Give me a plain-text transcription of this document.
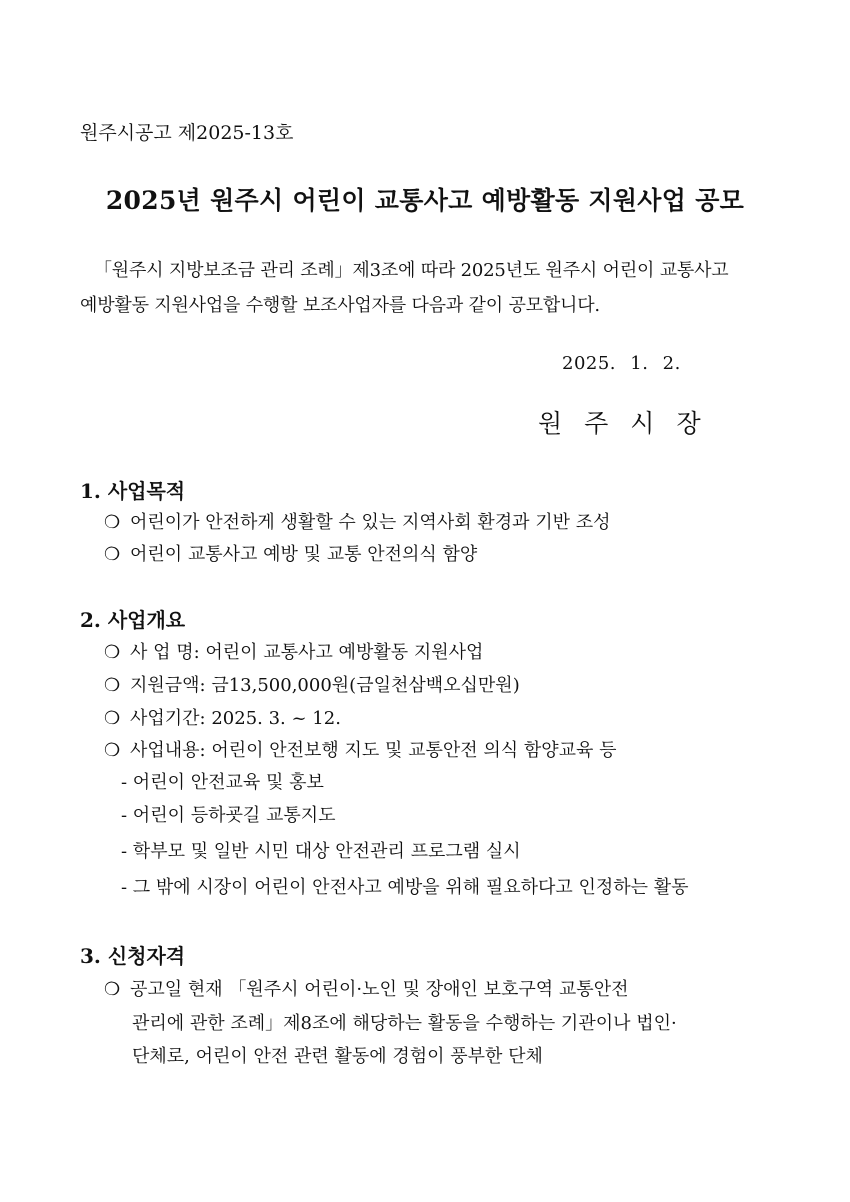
원주시공고 제2025-13호
2025년 원주시 어린이 교통사고 예방활동 지원사업 공모
「원주시 지방보조금 관리 조례」제3조에 따라 2025년도 원주시 어린이 교통사고
예방활동 지원사업을 수행할 보조사업자를 다음과 같이 공모합니다.
2025. 1. 2.
원주시장
1. 사업목적
❍ 어린이가 안전하게 생활할 수 있는 지역사회 환경과 기반 조성
❍ 어린이 교통사고 예방 및 교통 안전의식 함양
2. 사업개요
❍ 사 업 명: 어린이 교통사고 예방활동 지원사업
❍ 지원금액: 금13,500,000원(금일천삼백오십만원)
❍ 사업기간: 2025. 3. ~ 12.
❍ 사업내용: 어린이 안전보행 지도 및 교통안전 의식 함양교육 등
- 어린이 안전교육 및 홍보
- 어린이 등하굣길 교통지도
- 학부모 및 일반 시민 대상 안전관리 프로그램 실시
- 그 밖에 시장이 어린이 안전사고 예방을 위해 필요하다고 인정하는 활동
3. 신청자격
❍ 공고일 현재 「원주시 어린이·노인 및 장애인 보호구역 교통안전
관리에 관한 조례」제8조에 해당하는 활동을 수행하는 기관이나 법인·
단체로, 어린이 안전 관련 활동에 경험이 풍부한 단체
